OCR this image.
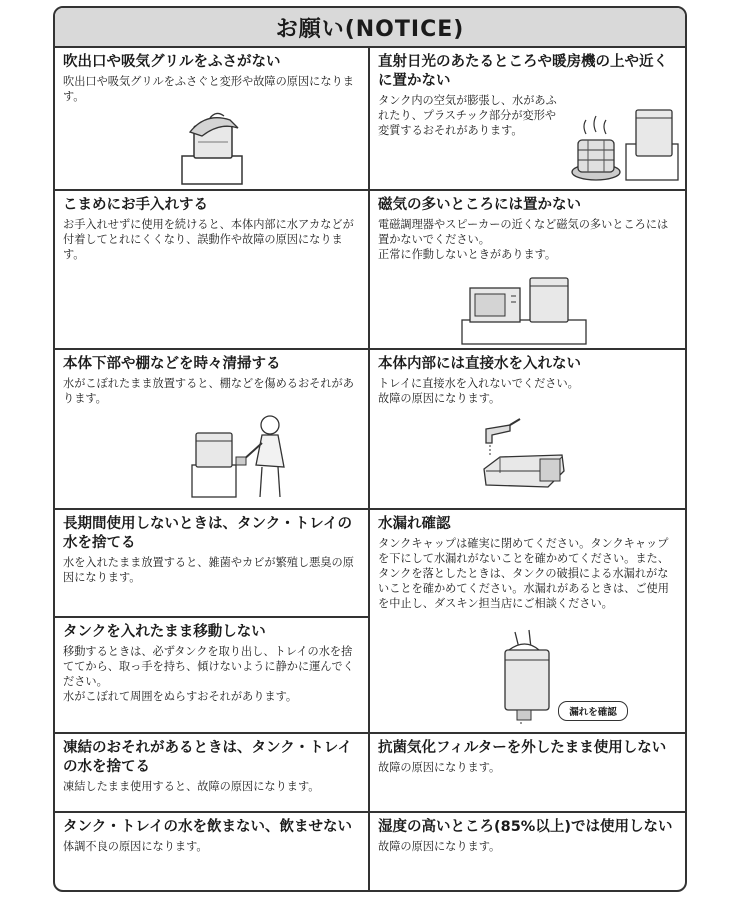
お願い(NOTICE)

吹出口や吸気グリルをふさがない

吹出口や吸気グリルをふさぐと変形や故障の原因になります。

直射日光のあたるところや暖房機の上や近くに置かない

タンク内の空気が膨張し、水があふれたり、プラスチック部分が変形や変質するおそれがあります。

こまめにお手入れする

お手入れせずに使用を続けると、本体内部に水アカなどが付着してとれにくくなり、誤動作や故障の原因になります。

磁気の多いところには置かない

電磁調理器やスピーカーの近くなど磁気の多いところには置かないでください。
正常に作動しないときがあります。

本体下部や棚などを時々清掃する

水がこぼれたまま放置すると、棚などを傷めるおそれがあります。

本体内部には直接水を入れない

トレイに直接水を入れないでください。
故障の原因になります。

長期間使用しないときは、タンク・トレイの水を捨てる

水を入れたまま放置すると、雑菌やカビが繁殖し悪臭の原因になります。

タンクを入れたまま移動しない

移動するときは、必ずタンクを取り出し、トレイの水を捨ててから、取っ手を持ち、傾けないように静かに運んでください。
水がこぼれて周囲をぬらすおそれがあります。

水漏れ確認

タンクキャップは確実に閉めてください。タンクキャップを下にして水漏れがないことを確かめてください。また、タンクを落としたときは、タンクの破損による水漏れがないことを確かめてください。水漏れがあるときは、ご使用を中止し、ダスキン担当店にご相談ください。

漏れを確認

凍結のおそれがあるときは、タンク・トレイの水を捨てる

凍結したまま使用すると、故障の原因になります。

抗菌気化フィルターを外したまま使用しない

故障の原因になります。

タンク・トレイの水を飲まない、飲ませない

体調不良の原因になります。

湿度の高いところ(85%以上)では使用しない

故障の原因になります。
